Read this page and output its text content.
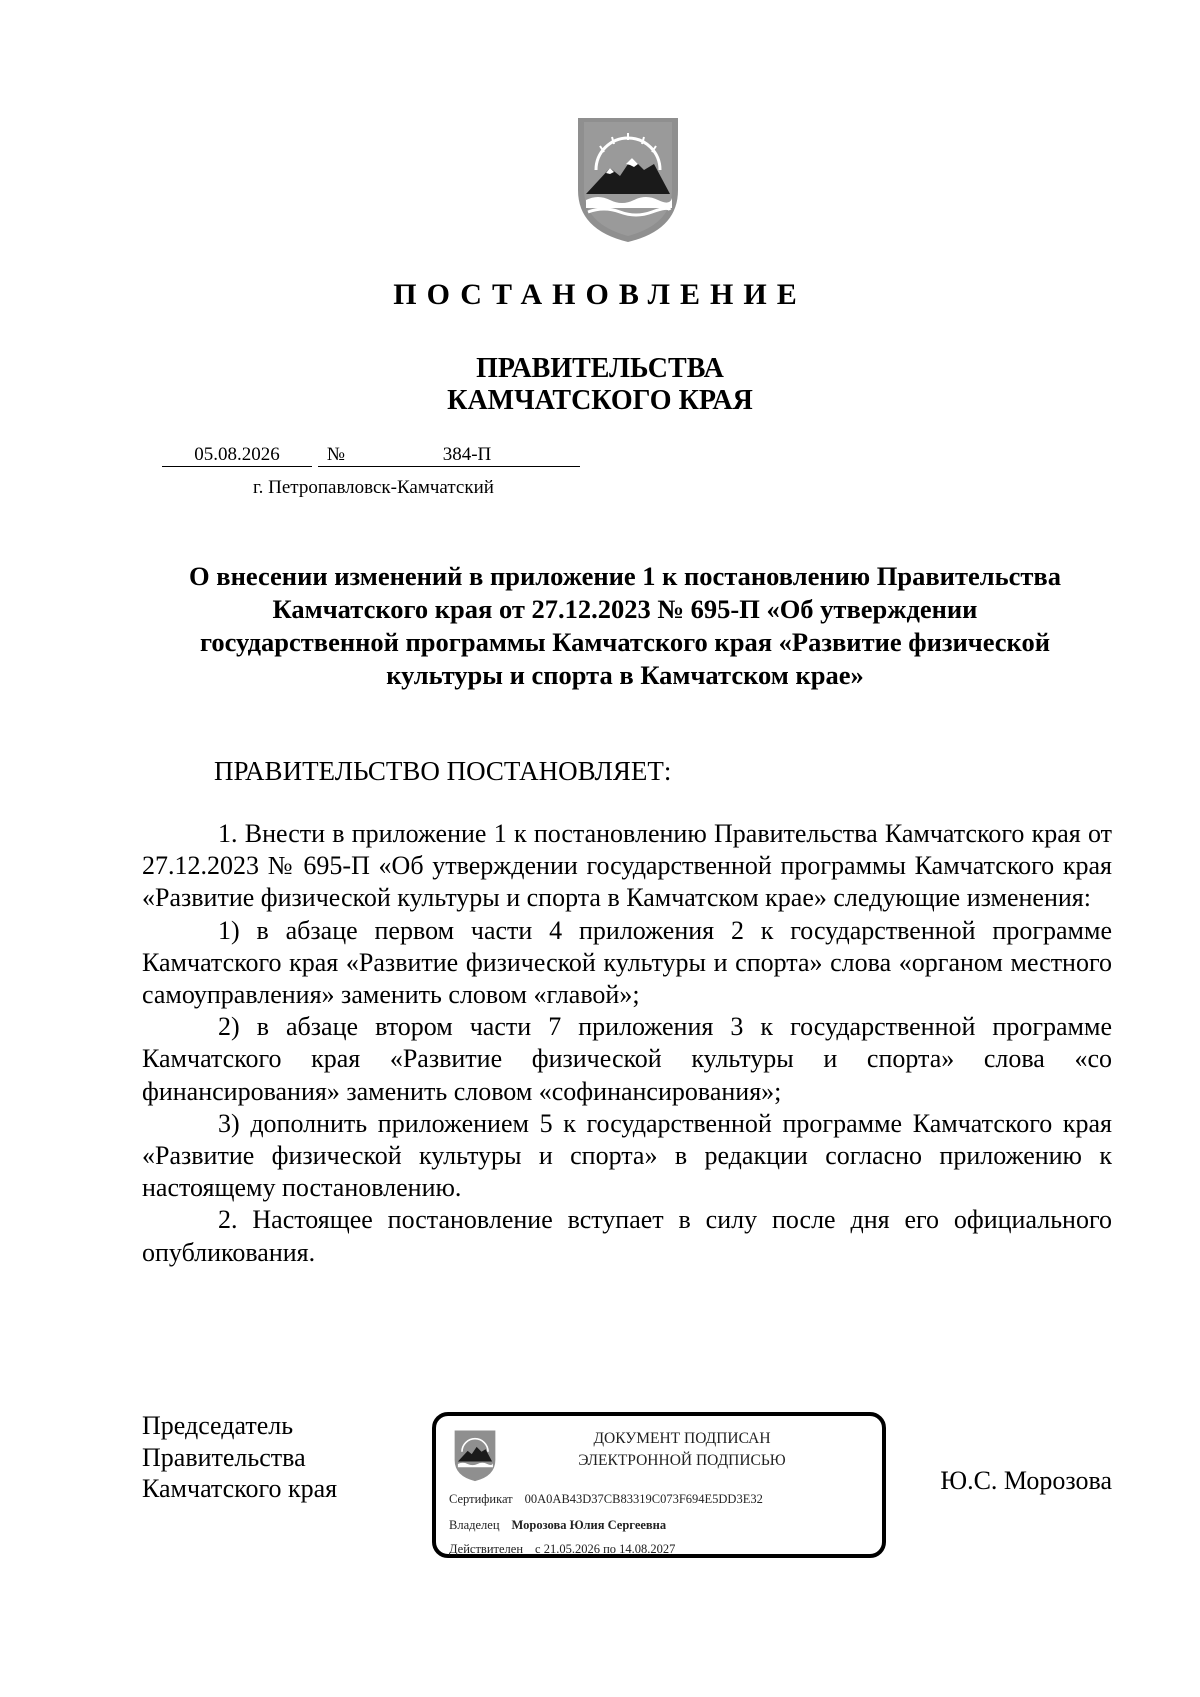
ПОСТАНОВЛЕНИЕ
ПРАВИТЕЛЬСТВА
КАМЧАТСКОГО КРАЯ
05.08.2026 №	384-П
г. Петропавловск-Камчатский
О внесении изменений в приложение 1 к постановлению Правительства
Камчатского края от 27.12.2023 № 695-П «Об утверждении
государственной программы Камчатского края «Развитие физической
культуры и спорта в Камчатском крае»
ПРАВИТЕЛЬСТВО ПОСТАНОВЛЯЕТ:

1. Внести в приложение 1 к постановлению Правительства Камчатского края от 27.12.2023 № 695-П «Об утверждении государственной программы Камчатского края «Развитие физической культуры и спорта в Камчатском крае» следующие изменения:

1) в абзаце первом части 4 приложения 2 к государственной программе Камчатского края «Развитие физической культуры и спорта» слова «органом местного самоуправления» заменить словом «главой»;

2) в абзаце втором части 7 приложения 3 к государственной программе Камчатского края «Развитие физической культуры и спорта» слова «со финансирования» заменить словом «софинансирования»;

3) дополнить приложением 5 к государственной программе Камчатского края «Развитие физической культуры и спорта» в редакции согласно приложению к настоящему постановлению.

2. Настоящее постановление вступает в силу после дня его официального опубликования.

Председатель
Правительства
Камчатского края
ДОКУМЕНТ ПОДПИСАН
ЭЛЕКТРОННОЙ ПОДПИСЬЮ
Сертификат 00A0AB43D37CB83319C073F694E5DD3E32
Владелец Морозова Юлия Сергеевна
Действителен с 21.05.2026 по 14.08.2027
Ю.С. Морозова
